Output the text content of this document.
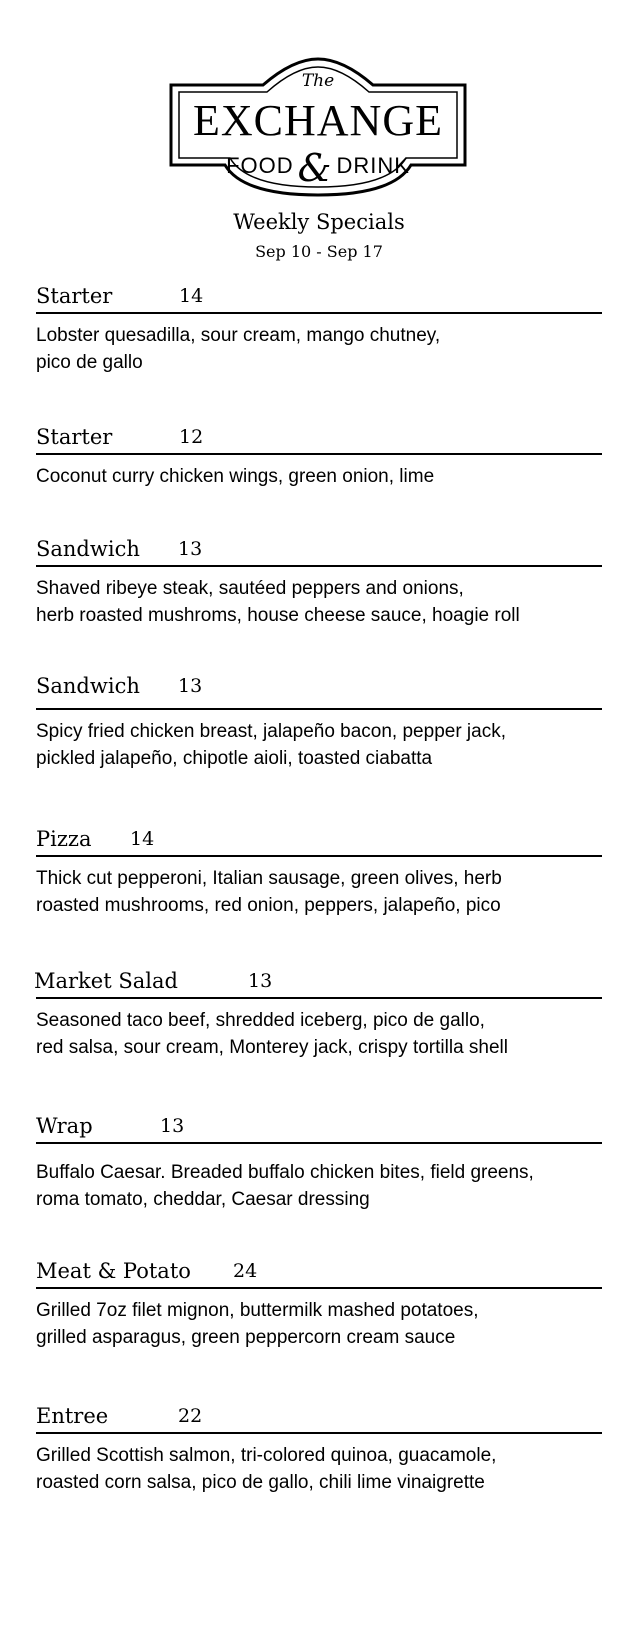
The
EXCHANGE
FOOD & DRINK
Weekly Specials
Sep 10 - Sep 17
Starter	14
Lobster quesadilla, sour cream, mango chutney,
pico de gallo
Starter	12
Coconut curry chicken wings, green onion, lime
Sandwich 13
Shaved ribeye steak, sautéed peppers and onions,
herb roasted mushroms, house cheese sauce, hoagie roll
Sandwich 13
Spicy fried chicken breast, jalapeño bacon, pepper jack,
pickled jalapeño, chipotle aioli, toasted ciabatta
Pizza 14
Thick cut pepperoni, Italian sausage, green olives, herb
roasted mushrooms, red onion, peppers, jalapeño, pico
Market Salad	13
Seasoned taco beef, shredded iceberg, pico de gallo,
red salsa, sour cream, Monterey jack, crispy tortilla shell
Wrap	13
Buffalo Caesar. Breaded buffalo chicken bites, field greens,
roma tomato, cheddar, Caesar dressing
Meat & Potato 24
Grilled 7oz filet mignon, buttermilk mashed potatoes,
grilled asparagus, green peppercorn cream sauce
Entree	22
Grilled Scottish salmon, tri-colored quinoa, guacamole,
roasted corn salsa, pico de gallo, chili lime vinaigrette
